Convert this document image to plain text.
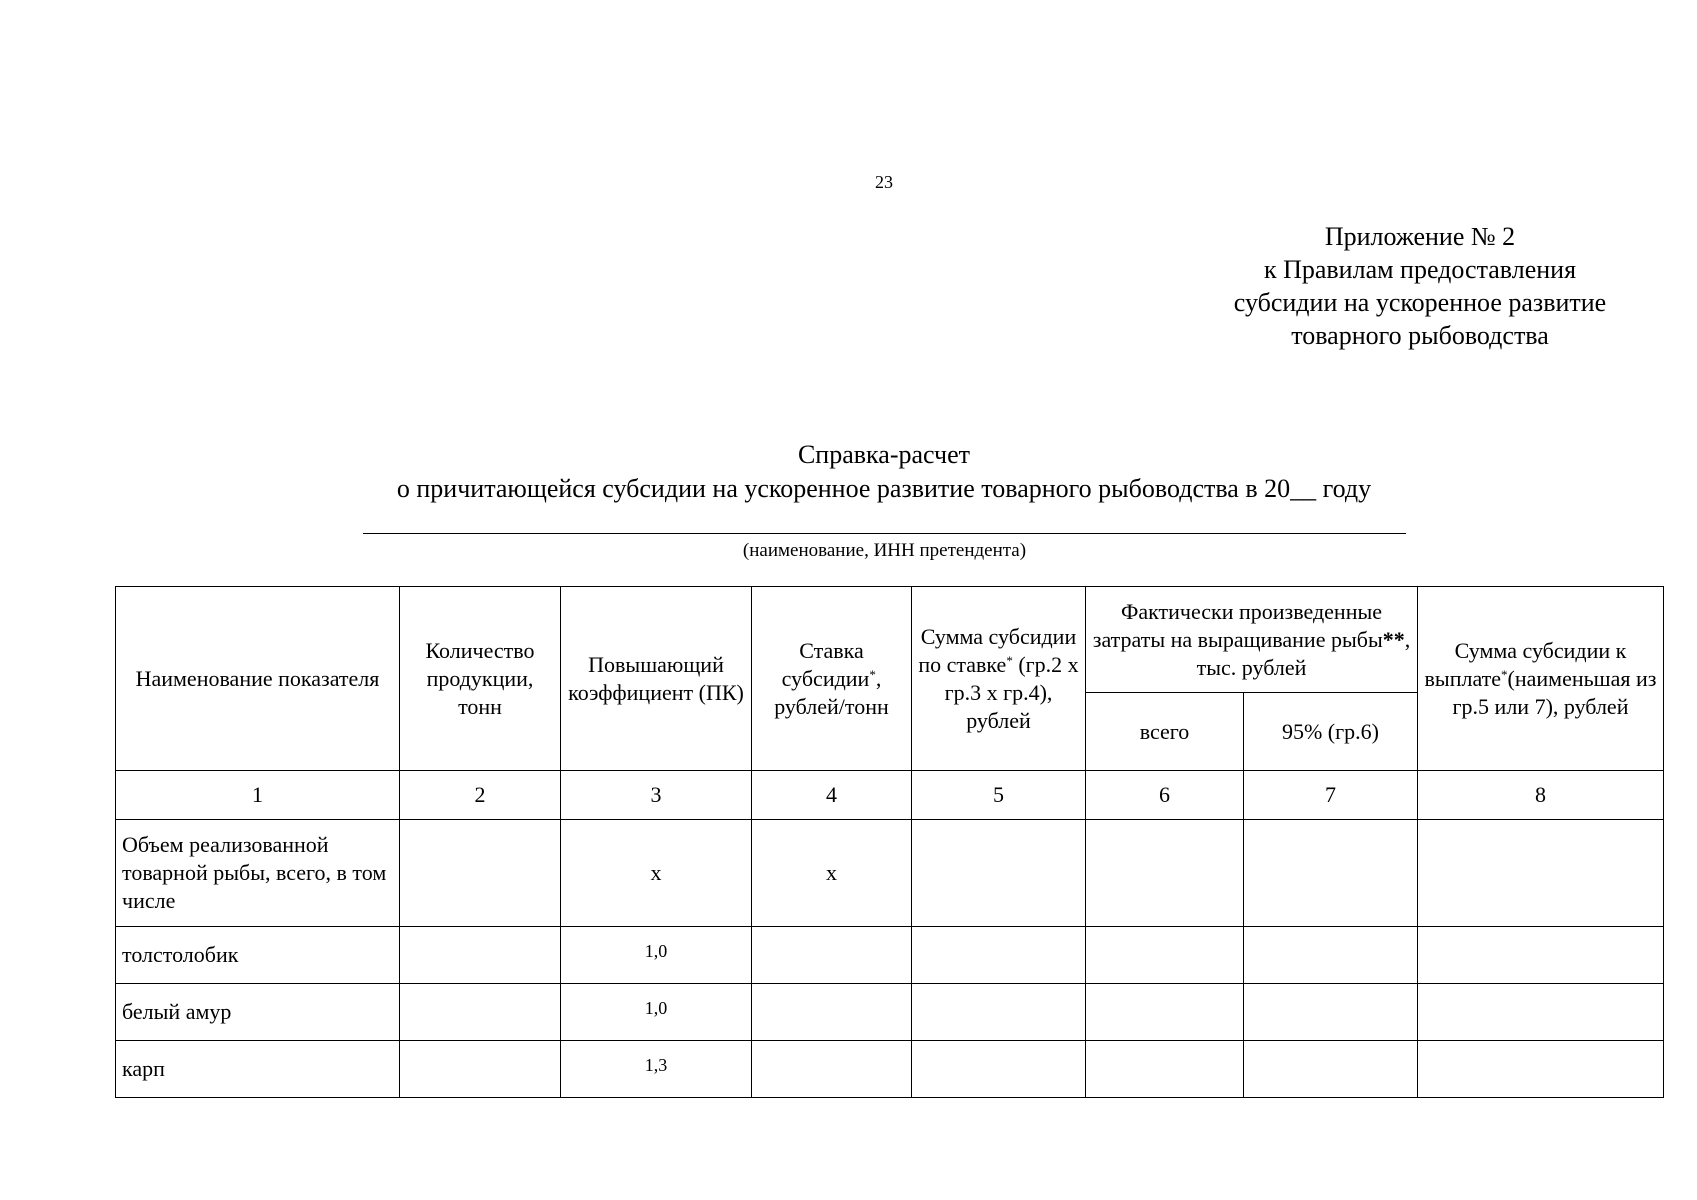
23
Приложение № 2
к Правилам предоставления
субсидии на ускоренное развитие
товарного рыбоводства
Справка-расчет
о причитающейся субсидии на ускоренное развитие товарного рыбоводства в 20__ году
(наименование, ИНН претендента)
Наименование показателя	Количество продукции, тонн	Повышающий коэффициент (ПК)	Ставка субсидии*, рублей/тонн	Сумма субсидии по ставке* (гр.2 х гр.3 х гр.4), рублей	Фактически произведенные затраты на выращивание рыбы**, тыс. рублей		Сумма субсидии к выплате*(наименьшая из гр.5 или 7), рублей
					всего	95% (гр.6)	
1	2	3	4	5	6	7	8
Объем реализованной товарной рыбы, всего, в том числе		х	х				
толстолобик		1,0					
белый амур		1,0					
карп		1,3					
